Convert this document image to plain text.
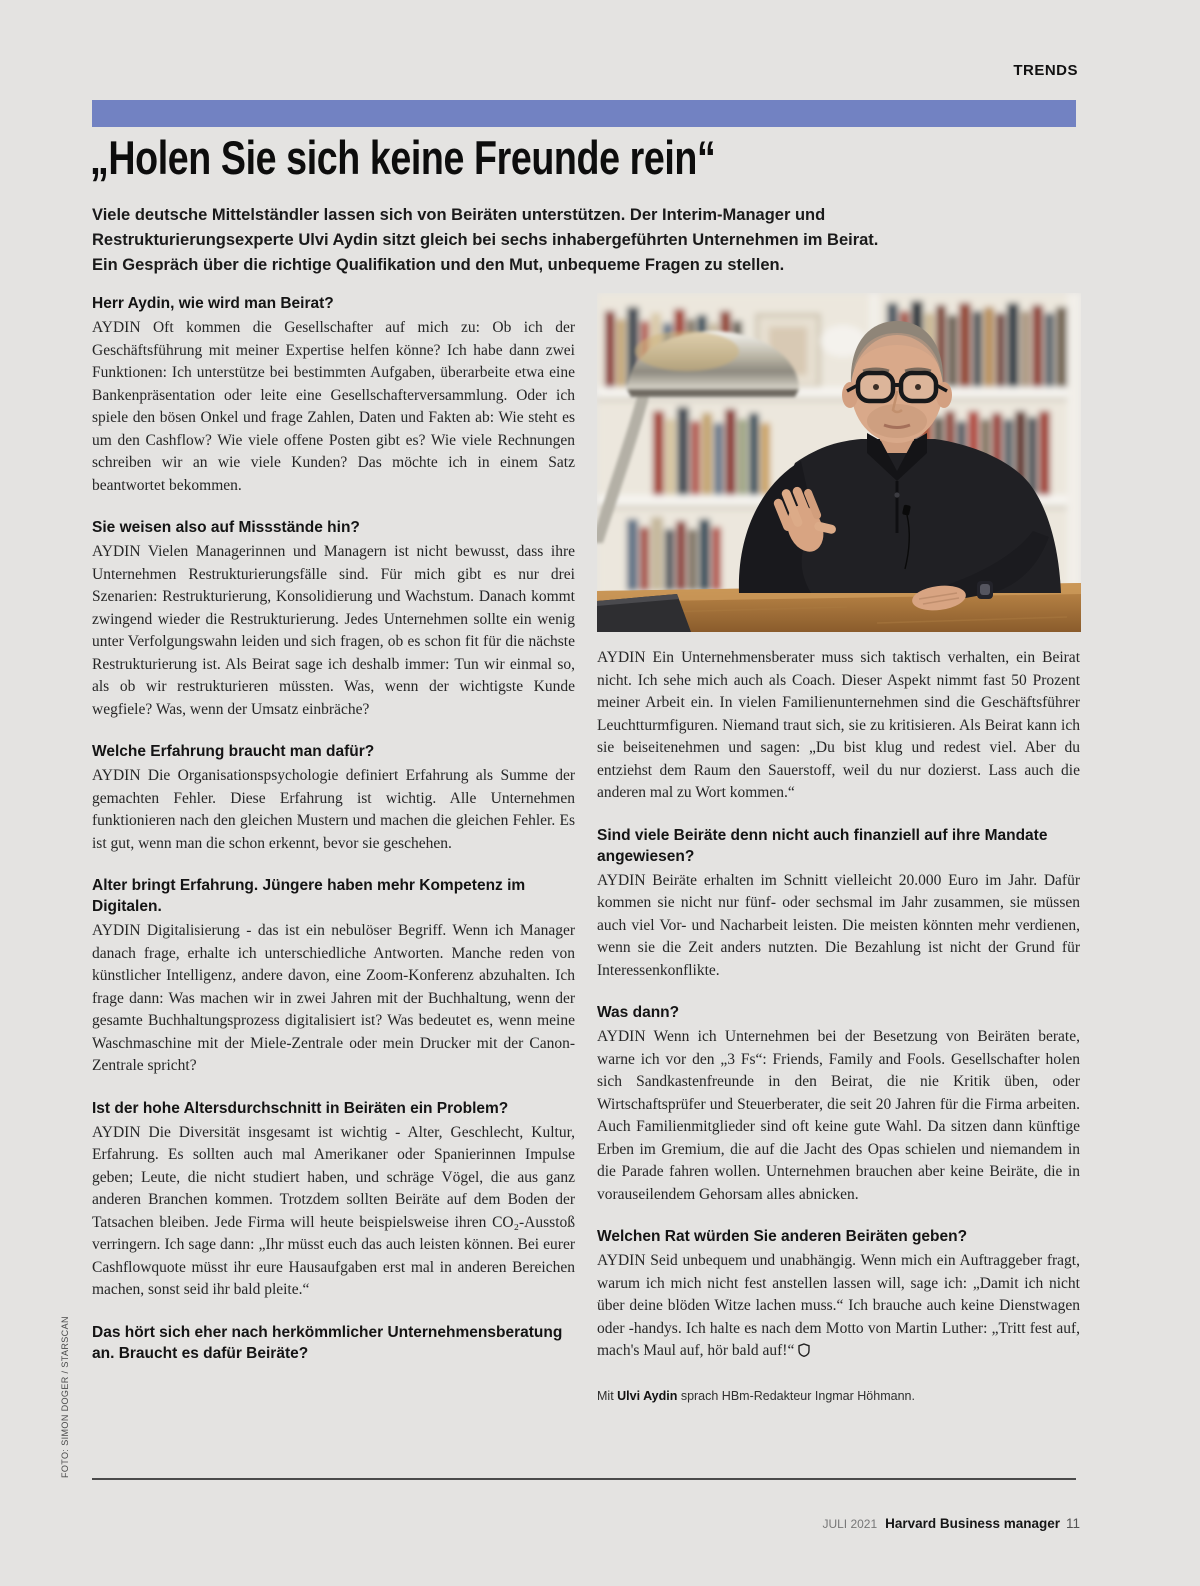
TRENDS
„Holen Sie sich keine Freunde rein“

Viele deutsche Mittelständler lassen sich von Beiräten unterstützen. Der Interim-Manager und Restrukturierungsexperte Ulvi Aydin sitzt gleich bei sechs inhabergeführten Unternehmen im Beirat. Ein Gespräch über die richtige Qualifikation und den Mut, unbequeme Fragen zu stellen.

Herr Aydin, wie wird man Beirat?

AYDIN Oft kommen die Gesellschafter auf mich zu: Ob ich der Geschäftsführung mit meiner Expertise helfen könne? Ich habe dann zwei Funktionen: Ich unterstütze bei bestimmten Aufgaben, überarbeite etwa eine Bankenpräsentation oder leite eine Gesellschafterversammlung. Oder ich spiele den bösen Onkel und frage Zahlen, Daten und Fakten ab: Wie steht es um den Cashflow? Wie viele offene Posten gibt es? Wie viele Rechnungen schreiben wir an wie viele Kunden? Das möchte ich in einem Satz beantwortet bekommen.

Sie weisen also auf Missstände hin?

AYDIN Vielen Managerinnen und Managern ist nicht bewusst, dass ihre Unternehmen Restrukturierungsfälle sind. Für mich gibt es nur drei Szenarien: Restrukturierung, Konsolidierung und Wachstum. Danach kommt zwingend wieder die Restrukturierung. Jedes Unternehmen sollte ein wenig unter Verfolgungswahn leiden und sich fragen, ob es schon fit für die nächste Restrukturierung ist. Als Beirat sage ich deshalb immer: Tun wir einmal so, als ob wir restrukturieren müssten. Was, wenn der wichtigste Kunde wegfiele? Was, wenn der Umsatz einbräche?

Welche Erfahrung braucht man dafür?

AYDIN Die Organisationspsychologie definiert Erfahrung als Summe der gemachten Fehler. Diese Erfahrung ist wichtig. Alle Unternehmen funktionieren nach den gleichen Mustern und machen die gleichen Fehler. Es ist gut, wenn man die schon erkennt, bevor sie geschehen.

Alter bringt Erfahrung. Jüngere haben mehr Kompetenz im Digitalen.

AYDIN Digitalisierung - das ist ein nebulöser Begriff. Wenn ich Manager danach frage, erhalte ich unterschiedliche Antworten. Manche reden von künstlicher Intelligenz, andere davon, eine Zoom-Konferenz abzuhalten. Ich frage dann: Was machen wir in zwei Jahren mit der Buchhaltung, wenn der gesamte Buchhaltungsprozess digitalisiert ist? Was bedeutet es, wenn meine Waschmaschine mit der Miele-Zentrale oder mein Drucker mit der Canon-Zentrale spricht?

Ist der hohe Altersdurchschnitt in Beiräten ein Problem?

AYDIN Die Diversität insgesamt ist wichtig - Alter, Geschlecht, Kultur, Erfahrung. Es sollten auch mal Amerikaner oder Spanierinnen Impulse geben; Leute, die nicht studiert haben, und schräge Vögel, die aus ganz anderen Branchen kommen. Trotzdem sollten Beiräte auf dem Boden der Tatsachen bleiben. Jede Firma will heute beispielsweise ihren CO₂-Ausstoß verringern. Ich sage dann: „Ihr müsst euch das auch leisten können. Bei eurer Cashflowquote müsst ihr eure Hausaufgaben erst mal in anderen Bereichen machen, sonst seid ihr bald pleite.“

Das hört sich eher nach herkömmlicher Unternehmensberatung an. Braucht es dafür Beiräte?

AYDIN Ein Unternehmensberater muss sich taktisch verhalten, ein Beirat nicht. Ich sehe mich auch als Coach. Dieser Aspekt nimmt fast 50 Prozent meiner Arbeit ein. In vielen Familienunternehmen sind die Geschäftsführer Leuchtturmfiguren. Niemand traut sich, sie zu kritisieren. Als Beirat kann ich sie beiseitenehmen und sagen: „Du bist klug und redest viel. Aber du entziehst dem Raum den Sauerstoff, weil du nur dozierst. Lass auch die anderen mal zu Wort kommen.“

Sind viele Beiräte denn nicht auch finanziell auf ihre Mandate angewiesen?

AYDIN Beiräte erhalten im Schnitt vielleicht 20.000 Euro im Jahr. Dafür kommen sie nicht nur fünf- oder sechsmal im Jahr zusammen, sie müssen auch viel Vor- und Nacharbeit leisten. Die meisten könnten mehr verdienen, wenn sie die Zeit anders nutzten. Die Bezahlung ist nicht der Grund für Interessenkonflikte.

Was dann?

AYDIN Wenn ich Unternehmen bei der Besetzung von Beiräten berate, warne ich vor den „3 Fs“: Friends, Family and Fools. Gesellschafter holen sich Sandkastenfreunde in den Beirat, die nie Kritik üben, oder Wirtschaftsprüfer und Steuerberater, die seit 20 Jahren für die Firma arbeiten. Auch Familienmitglieder sind oft keine gute Wahl. Da sitzen dann künftige Erben im Gremium, die auf die Jacht des Opas schielen und niemandem in die Parade fahren wollen. Unternehmen brauchen aber keine Beiräte, die in vorauseilendem Gehorsam alles abnicken.

Welchen Rat würden Sie anderen Beiräten geben?

AYDIN Seid unbequem und unabhängig. Wenn mich ein Auftraggeber fragt, warum ich mich nicht fest anstellen lassen will, sage ich: „Damit ich nicht über deine blöden Witze lachen muss.“ Ich brauche auch keine Dienstwagen oder -handys. Ich halte es nach dem Motto von Martin Luther: „Tritt fest auf, mach's Maul auf, hör bald auf!“

Mit Ulvi Aydin sprach HBm-Redakteur Ingmar Höhmann.
JULI 2021 Harvard Business manager 11
FOTO: SIMON DOGER / STARSCAN
